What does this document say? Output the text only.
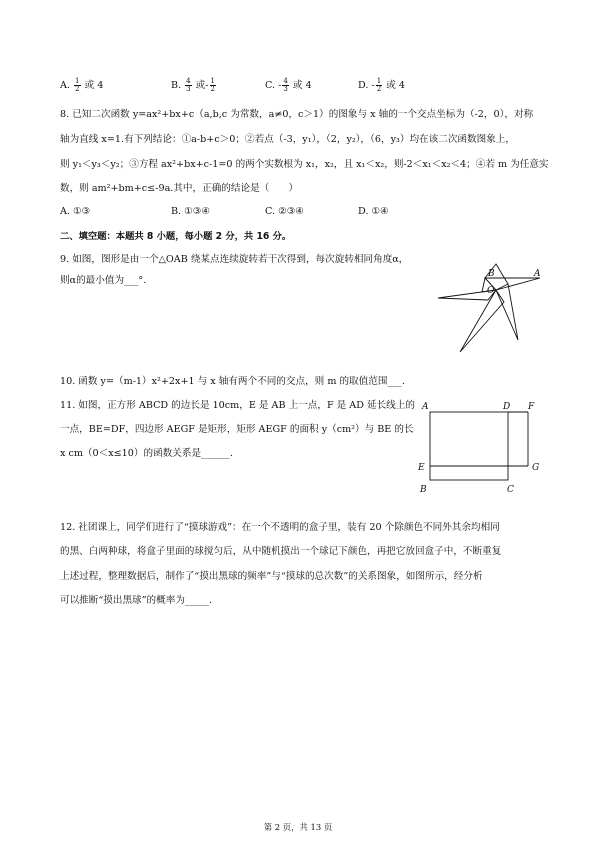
A. $\frac{1}{2}$ 或 4	B. $\frac{4}{3}$ 或- $\frac{1}{2}$	C. - $\frac{4}{3}$ 或 4	D. - $\frac{1}{2}$ 或 4
8. 已知二次函数 y=ax²+bx+c（a,b,c 为常数，a≠0，c＞1）的图象与 x 轴的一个交点坐标为（-2，0），对称
轴为直线 x=1.有下列结论：①a-b+c＞0；②若点（-3，y₁），（2，y₂），（6，y₃）均在该二次函数图象上，
则 y₁＜y₃＜y₂；③方程 ax²+bx+c-1=0 的两个实数根为 x₁，x₂，且 x₁＜x₂，则-2＜x₁＜x₂＜4；④若 m 为任意实
数，则 am²+bm+c≤-9a.其中，正确的结论是（　　）
A. ①③	B. ①③④	C. ②③④	D. ①④
二、填空题：本题共 8 小题，每小题 2 分，共 16 分。
9. 如图，图形是由一个△OAB 绕某点连续旋转若干次得到，每次旋转相同角度α，
则α的最小值为___°.
B	A
O
10. 函数 y=（m-1）x²+2x+1 与 x 轴有两个不同的交点，则 m 的取值范围___.
11. 如图，正方形 ABCD 的边长是 10cm，E 是 AB 上一点，F 是 AD 延长线上的
一点，BE=DF，四边形 AEGF 是矩形，矩形 AEGF 的面积 y（cm²）与 BE 的长
x cm（0＜x≤10）的函数关系是______.
A	D F
E	G
B	C
12. 社团课上，同学们进行了“摸球游戏”：在一个不透明的盒子里，装有 20 个除颜色不同外其余均相同
的黑、白两种球，将盒子里面的球搅匀后，从中随机摸出一个球记下颜色，再把它放回盒子中，不断重复
上述过程，整理数据后，制作了“摸出黑球的频率”与“摸球的总次数”的关系图象，如图所示，经分析
可以推断“摸出黑球”的概率为_____.
第 2 页，共 13 页
